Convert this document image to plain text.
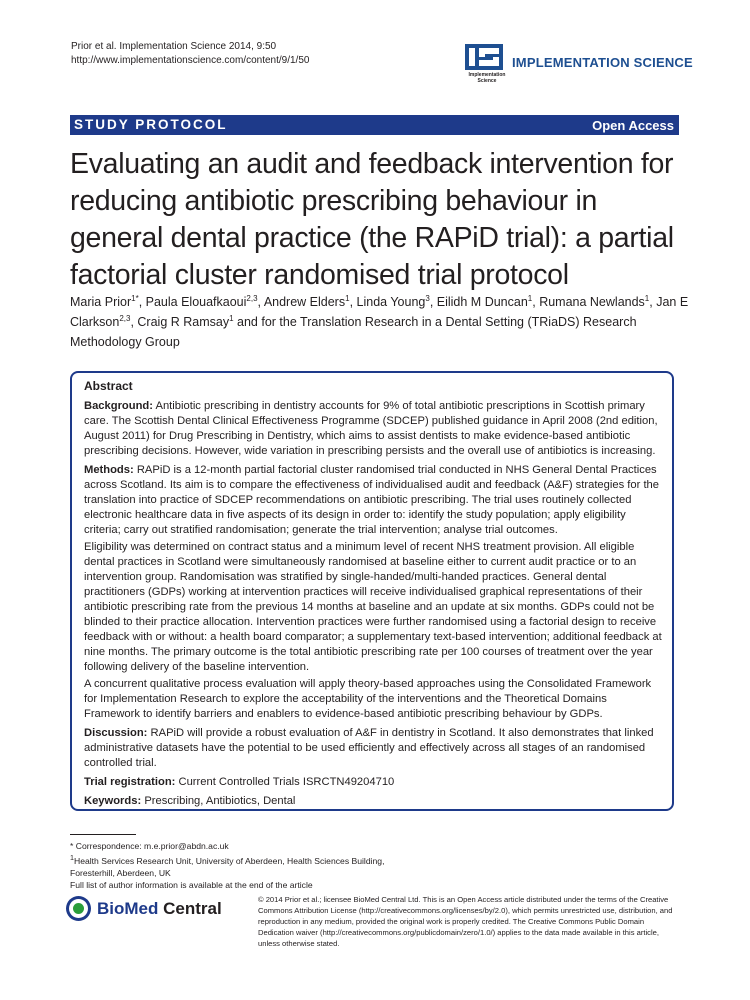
Prior et al. Implementation Science 2014, 9:50
http://www.implementationscience.com/content/9/1/50
Implementation
Science
IMPLEMENTATION SCIENCE
STUDY PROTOCOL	Open Access
Evaluating an audit and feedback intervention for reducing antibiotic prescribing behaviour in general dental practice (the RAPiD trial): a partial factorial cluster randomised trial protocol
Maria Prior$^{1*}$, Paula Elouafkaoui$^{2,3}$, Andrew Elders$^1$, Linda Young$^3$, Eilidh M Duncan$^1$, Rumana Newlands$^1$, Jan E Clarkson$^{2,3}$, Craig R Ramsay$^1$ and for the Translation Research in a Dental Setting (TRiaDS) Research Methodology Group
Abstract

Background: Antibiotic prescribing in dentistry accounts for 9% of total antibiotic prescriptions in Scottish primary care. The Scottish Dental Clinical Effectiveness Programme (SDCEP) published guidance in April 2008 (2nd edition, August 2011) for Drug Prescribing in Dentistry, which aims to assist dentists to make evidence-based antibiotic prescribing decisions. However, wide variation in prescribing persists and the overall use of antibiotics is increasing.

Methods: RAPiD is a 12-month partial factorial cluster randomised trial conducted in NHS General Dental Practices across Scotland. Its aim is to compare the effectiveness of individualised audit and feedback (A&F) strategies for the translation into practice of SDCEP recommendations on antibiotic prescribing. The trial uses routinely collected electronic healthcare data in five aspects of its design in order to: identify the study population; apply eligibility criteria; carry out stratified randomisation; generate the trial intervention; analyse trial outcomes.

Eligibility was determined on contract status and a minimum level of recent NHS treatment provision. All eligible dental practices in Scotland were simultaneously randomised at baseline either to current audit practice or to an intervention group. Randomisation was stratified by single-handed/multi-handed practices. General dental practitioners (GDPs) working at intervention practices will receive individualised graphical representations of their antibiotic prescribing rate from the previous 14 months at baseline and an update at six months. GDPs could not be blinded to their practice allocation. Intervention practices were further randomised using a factorial design to receive feedback with or without: a health board comparator; a supplementary text-based intervention; additional feedback at nine months. The primary outcome is the total antibiotic prescribing rate per 100 courses of treatment over the year following delivery of the baseline intervention.

A concurrent qualitative process evaluation will apply theory-based approaches using the Consolidated Framework for Implementation Research to explore the acceptability of the interventions and the Theoretical Domains Framework to identify barriers and enablers to evidence-based antibiotic prescribing behaviour by GDPs.

Discussion: RAPiD will provide a robust evaluation of A&F in dentistry in Scotland. It also demonstrates that linked administrative datasets have the potential to be used efficiently and effectively across all stages of an randomised controlled trial.

Trial registration: Current Controlled Trials ISRCTN49204710

Keywords: Prescribing, Antibiotics, Dental

* Correspondence: m.e.prior@abdn.ac.uk
$^1$Health Services Research Unit, University of Aberdeen, Health Sciences Building, Foresterhill, Aberdeen, UK
Full list of author information is available at the end of the article
BioMed Central	© 2014 Prior et al.; licensee BioMed Central Ltd. This is an Open Access article distributed under the terms of the Creative Commons Attribution License (http://creativecommons.org/licenses/by/2.0), which permits unrestricted use, distribution, and reproduction in any medium, provided the original work is properly credited. The Creative Commons Public Domain Dedication waiver (http://creativecommons.org/publicdomain/zero/1.0/) applies to the data made available in this article, unless otherwise stated.
